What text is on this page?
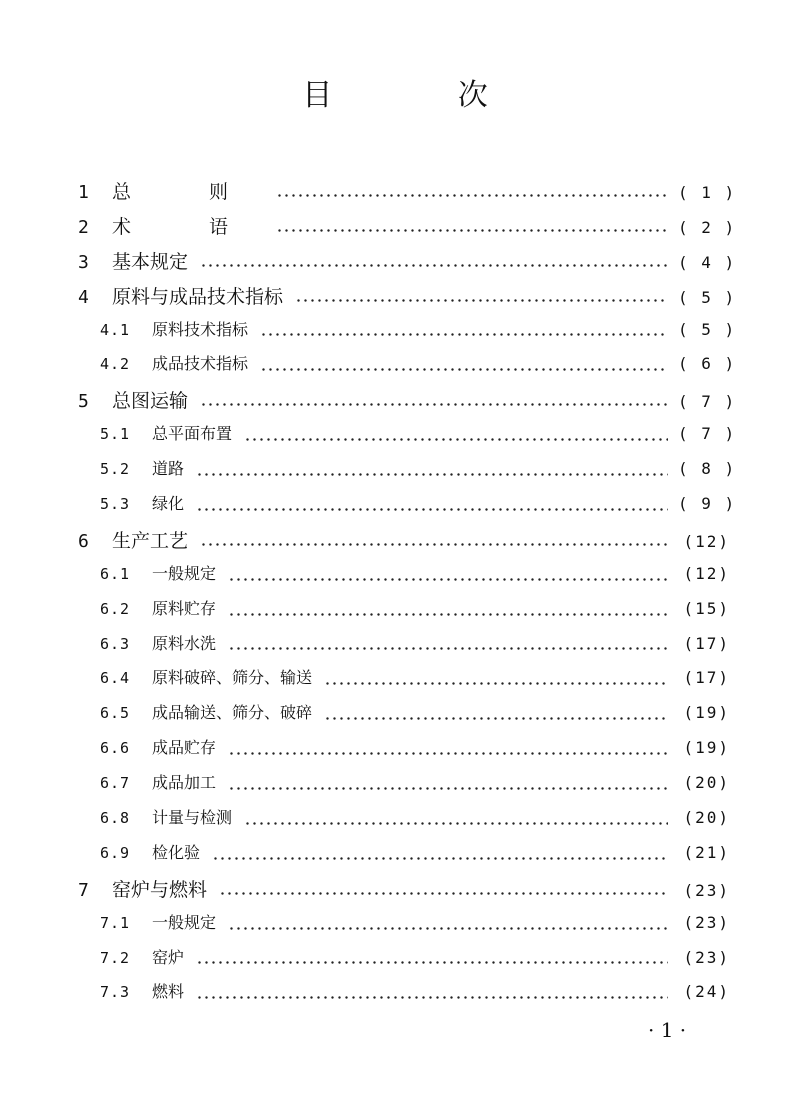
目 次
1	总 则	( 1 )
2	术 语	( 2 )
3	基本规定	( 4 )
4	原料与成品技术指标	( 5 )
4.1	原料技术指标	( 5 )
4.2	成品技术指标	( 6 )
5	总图运输	( 7 )
5.1	总平面布置	( 7 )
5.2	道路	( 8 )
5.3	绿化	( 9 )
6	生产工艺	(12)
6.1	一般规定	(12)
6.2	原料贮存	(15)
6.3	原料水洗	(17)
6.4	原料破碎、筛分、输送	(17)
6.5	成品输送、筛分、破碎	(19)
6.6	成品贮存	(19)
6.7	成品加工	(20)
6.8	计量与检测	(20)
6.9	检化验	(21)
7	窑炉与燃料	(23)
7.1	一般规定	(23)
7.2	窑炉	(23)
7.3	燃料	(24)

· 1 ·
